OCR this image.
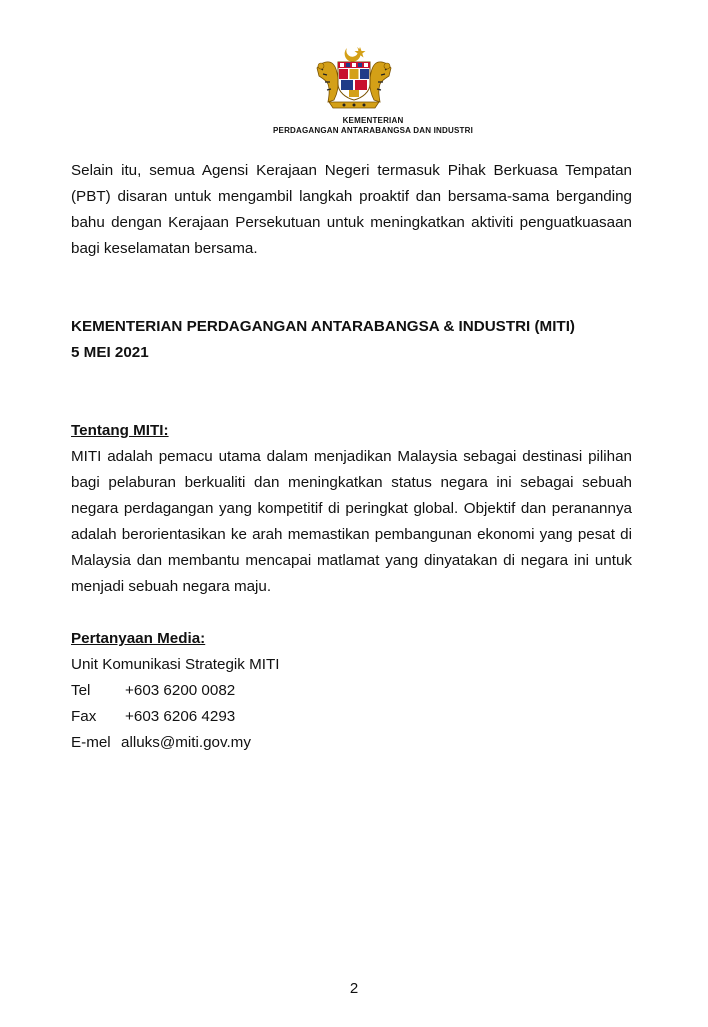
KEMENTERIAN
PERDAGANGAN ANTARABANGSA DAN INDUSTRI

Selain itu, semua Agensi Kerajaan Negeri termasuk Pihak Berkuasa Tempatan (PBT) disaran untuk mengambil langkah proaktif dan bersama-sama berganding bahu dengan Kerajaan Persekutuan untuk meningkatkan aktiviti penguatkuasaan bagi keselamatan bersama.

KEMENTERIAN PERDAGANGAN ANTARABANGSA & INDUSTRI (MITI)

5 MEI 2021

Tentang MITI:

MITI adalah pemacu utama dalam menjadikan Malaysia sebagai destinasi pilihan bagi pelaburan berkualiti dan meningkatkan status negara ini sebagai sebuah negara perdagangan yang kompetitif di peringkat global. Objektif dan peranannya adalah berorientasikan ke arah memastikan pembangunan ekonomi yang pesat di Malaysia dan membantu mencapai matlamat yang dinyatakan di negara ini untuk menjadi sebuah negara maju.

Pertanyaan Media:

Unit Komunikasi Strategik MITI

Tel	+603 6200 0082
Fax	+603 6206 4293
E-mel alluks@miti.gov.my
2
